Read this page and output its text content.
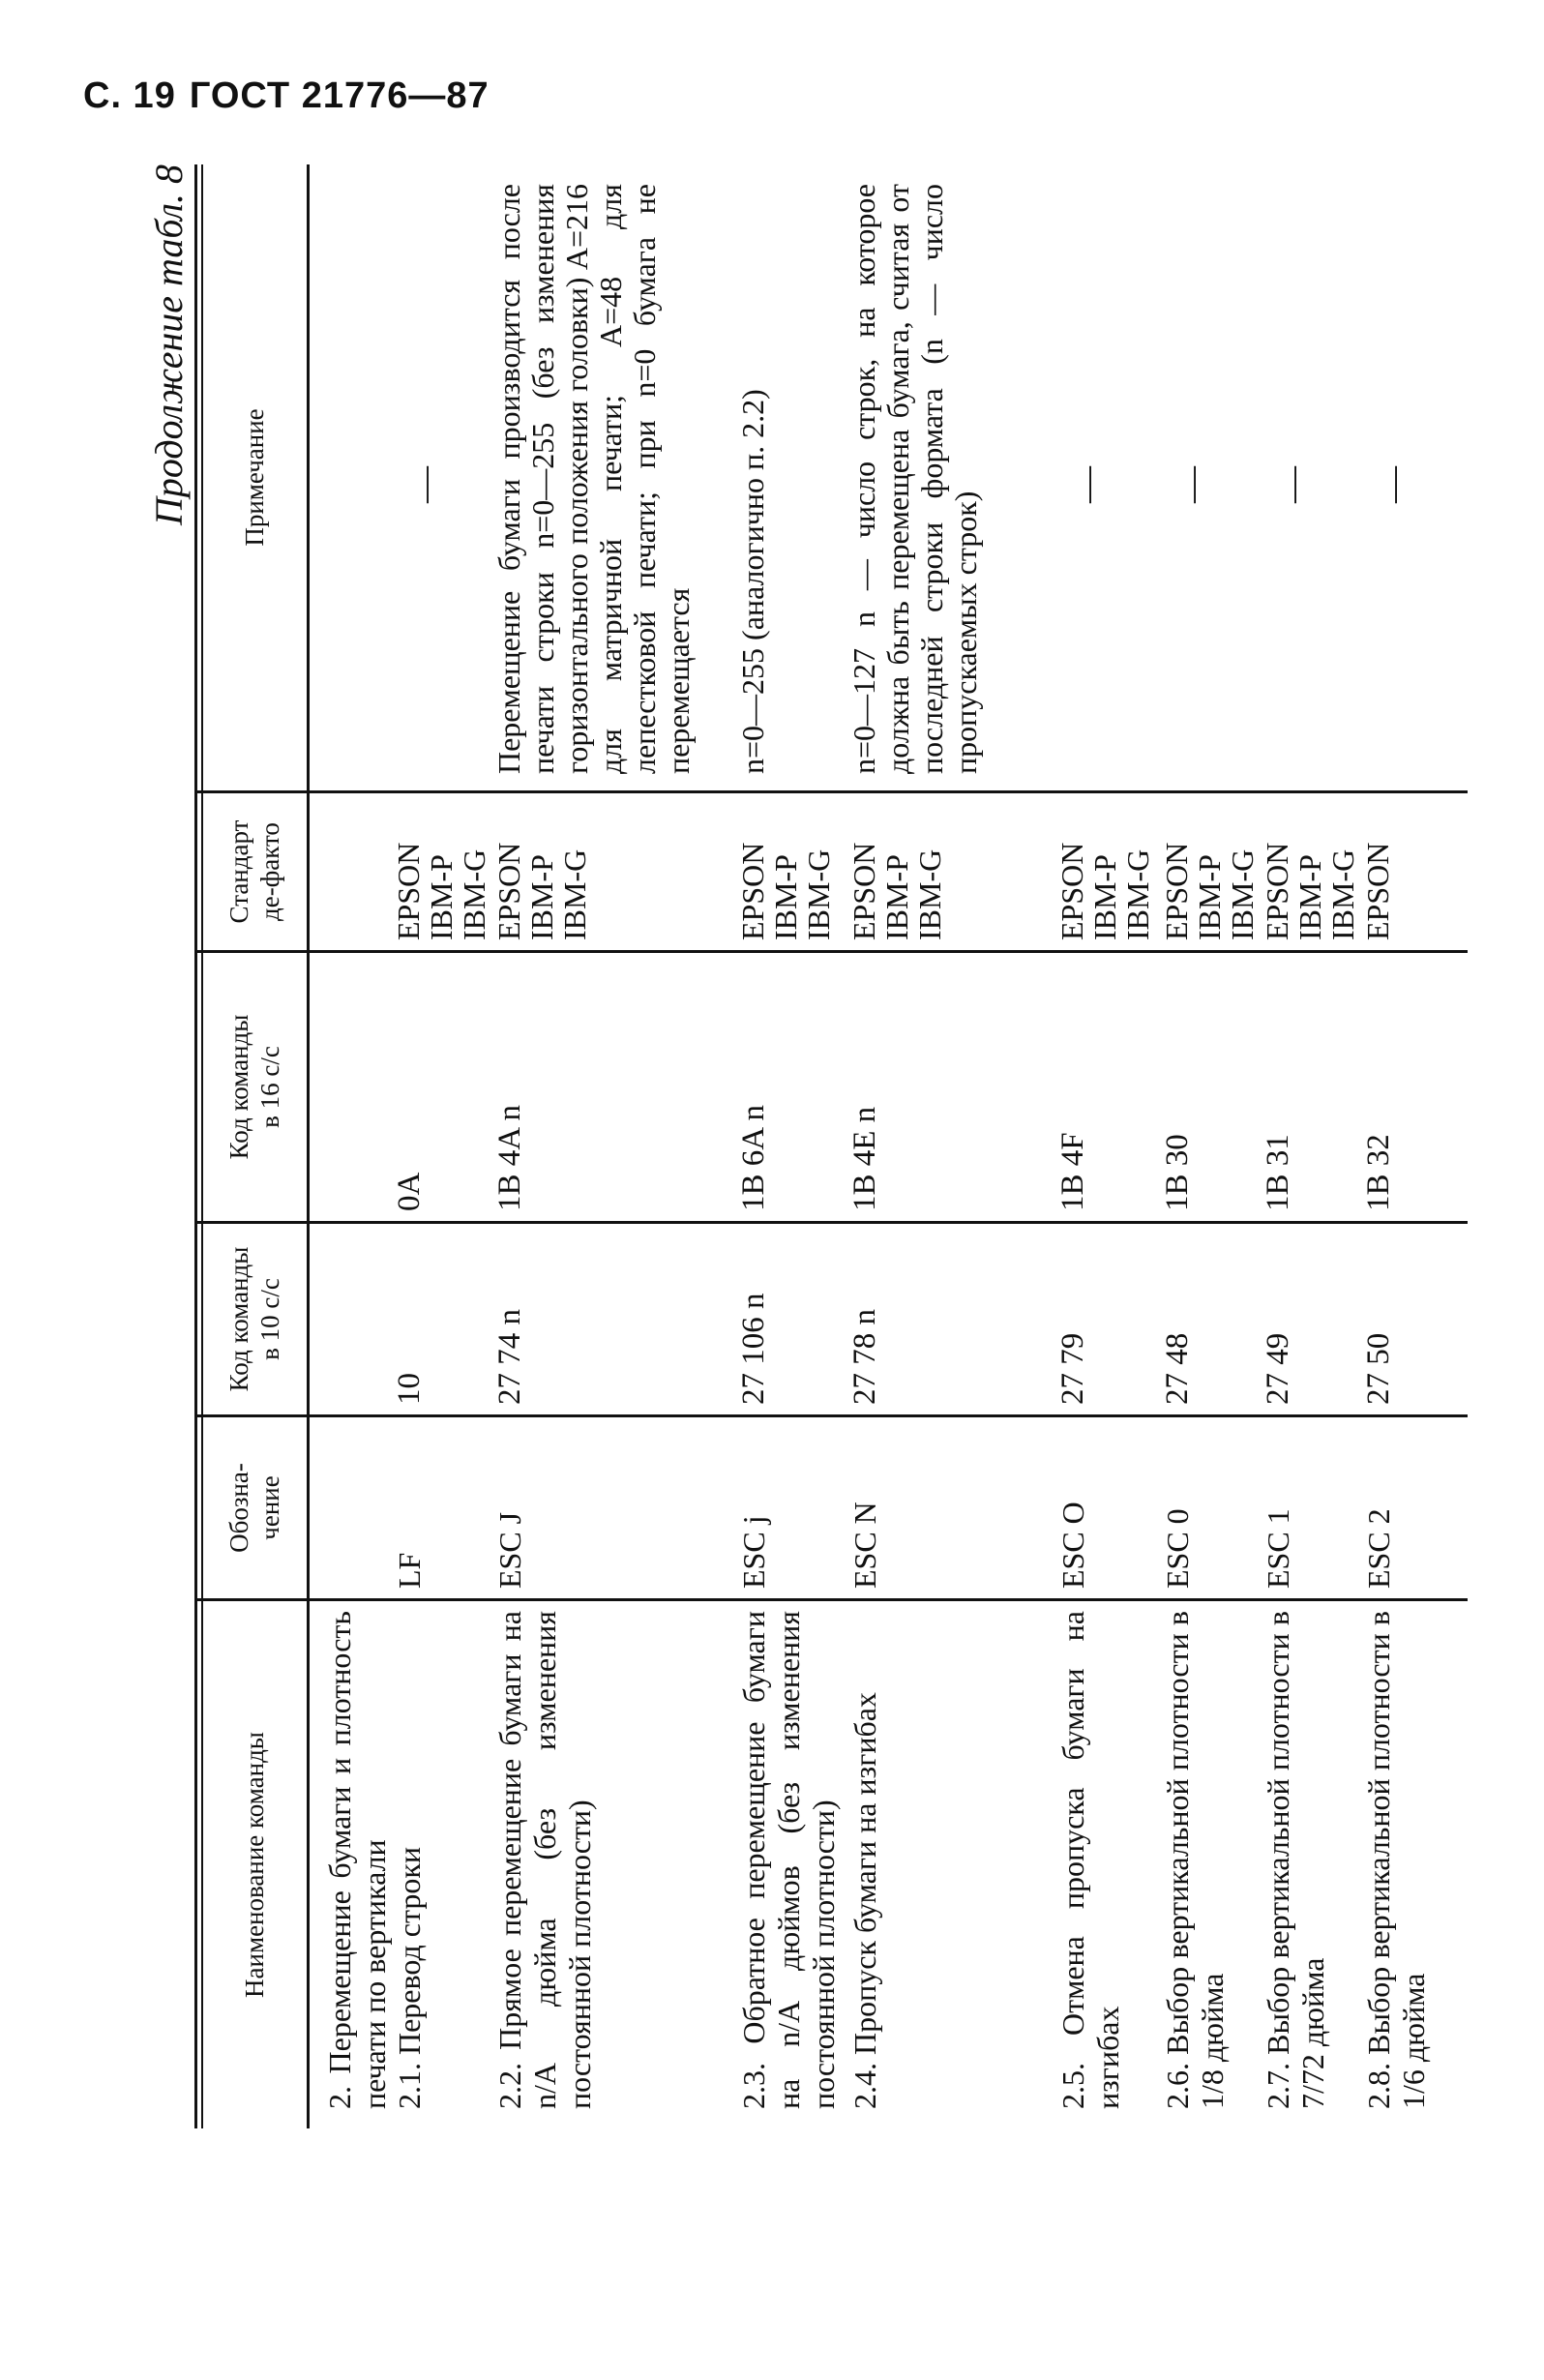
С. 19 ГОСТ 21776—87
Продолжение табл. 8
Наименование команды
Обозна-
чение
Код команды
в 10 с/с
Код команды
в 16 с/с
Стандарт
де-факто
Примечание
2. Перемещение бумаги и плотность печати по вертикали 2.1. Перевод строки
LF
10
0A
EPSON
IBM-P
IBM-G
—
2.2. Прямое перемещение бумаги на n/A дюйма (без изменения постоянной плотности)
ESC J
27 74 n
1B 4A n
EPSON
IBM-P
IBM-G
Перемещение бумаги производится после печати строки n=0—255 (без изменения горизонтального положения головки) A=216 для матричной печати; A=48 для лепестковой печати; при n=0 бумага не перемещается
2.3. Обратное перемещение бумаги на n/A дюймов (без изменения постоянной плотности)
ESC j
27 106 n
1B 6A n
EPSON
IBM-P
IBM-G
n=0—255 (аналогично п. 2.2)
2.4. Пропуск бумаги на изгибах
ESC N
27 78 n
1B 4E n
EPSON
IBM-P
IBM-G
n=0—127 n — число строк, на которое должна быть перемещена бумага, считая от последней строки формата (n — число пропускаемых строк)
2.5. Отмена пропуска бумаги на изгибах
ESC O
27 79
1B 4F
EPSON
IBM-P
IBM-G
—
2.6. Выбор вертикальной плотности в 1/8 дюйма
ESC 0
27 48
1B 30
EPSON
IBM-P
IBM-G
—
2.7. Выбор вертикальной плотности в 7/72 дюйма
ESC 1
27 49
1B 31
EPSON
IBM-P
IBM-G
—
2.8. Выбор вертикальной плотности в 1/6 дюйма
ESC 2
27 50
1B 32
EPSON
—
